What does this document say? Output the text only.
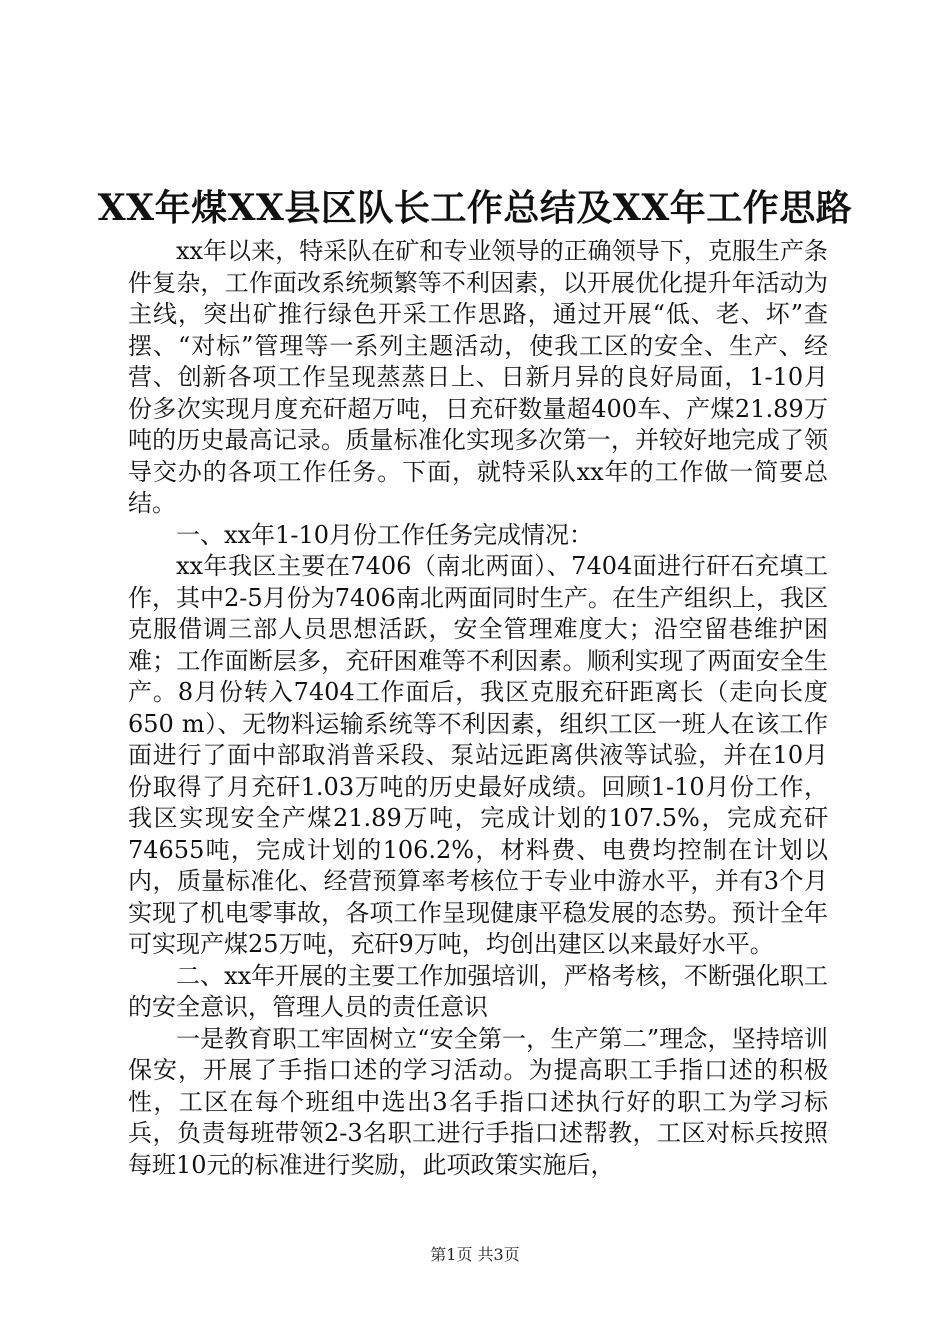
XX年煤XX县区队长工作总结及XX年工作思路

xx年以来，特采队在矿和专业领导的正确领导下，克服生产条件复杂，工作面改系统频繁等不利因素，以开展优化提升年活动为主线，突出矿推行绿色开采工作思路，通过开展“低、老、坏”查摆、“对标”管理等一系列主题活动，使我工区的安全、生产、经营、创新各项工作呈现蒸蒸日上、日新月异的良好局面，1-10月份多次实现月度充矸超万吨，日充矸数量超400车、产煤21.89万吨的历史最高记录。质量标准化实现多次第一，并较好地完成了领导交办的各项工作任务。下面，就特采队xx年的工作做一简要总结。

一、xx年1-10月份工作任务完成情况：

xx年我区主要在7406（南北两面）、7404面进行矸石充填工作，其中2-5月份为7406南北两面同时生产。在生产组织上，我区克服借调三部人员思想活跃，安全管理难度大；沿空留巷维护困难；工作面断层多，充矸困难等不利因素。顺利实现了两面安全生产。8月份转入7404工作面后，我区克服充矸距离长（走向长度650 m）、无物料运输系统等不利因素，组织工区一班人在该工作面进行了面中部取消普采段、泵站远距离供液等试验，并在10月份取得了月充矸1.03万吨的历史最好成绩。回顾1-10月份工作，我区实现安全产煤21.89万吨，完成计划的107.5%，完成充矸74655吨，完成计划的106.2%，材料费、电费均控制在计划以内，质量标准化、经营预算率考核位于专业中游水平，并有3个月实现了机电零事故，各项工作呈现健康平稳发展的态势。预计全年可实现产煤25万吨，充矸9万吨，均创出建区以来最好水平。

二、xx年开展的主要工作加强培训，严格考核，不断强化职工的安全意识，管理人员的责任意识

一是教育职工牢固树立“安全第一，生产第二”理念，坚持培训保安，开展了手指口述的学习活动。为提高职工手指口述的积极性，工区在每个班组中选出3名手指口述执行好的职工为学习标兵，负责每班带领2-3名职工进行手指口述帮教，工区对标兵按照每班10元的标准进行奖励，此项政策实施后，

第1页 共3页
